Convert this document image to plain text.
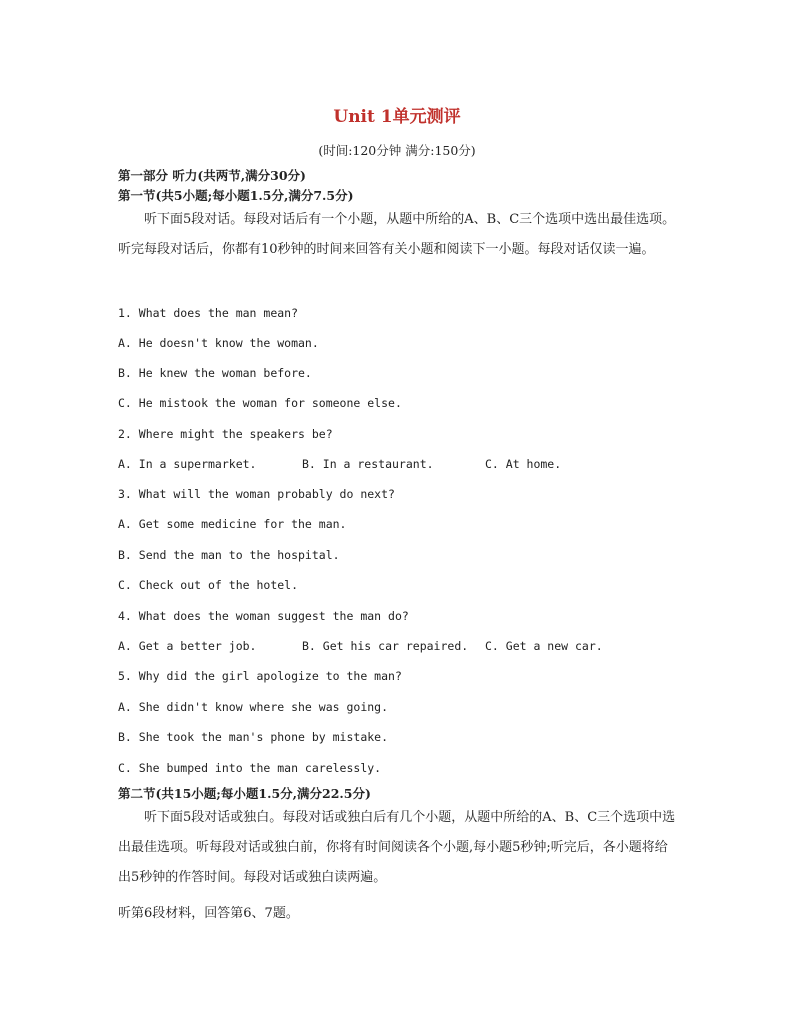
Unit 1单元测评
(时间:120分钟 满分:150分)
第一部分 听力(共两节,满分30分)
第一节(共5小题;每小题1.5分,满分7.5分)
听下面5段对话。每段对话后有一个小题，从题中所给的A、B、C三个选项中选出最佳选项。听完每段对话后，你都有10秒钟的时间来回答有关小题和阅读下一小题。每段对话仅读一遍。
1. What does the man mean?
A. He doesn't know the woman.
B. He knew the woman before.
C. He mistook the woman for someone else.
2. Where might the speakers be?
A. In a supermarket.	B. In a restaurant.	C. At home.
3. What will the woman probably do next?
A. Get some medicine for the man.
B. Send the man to the hospital.
C. Check out of the hotel.
4. What does the woman suggest the man do?
A. Get a better job.	B. Get his car repaired. C. Get a new car.
5. Why did the girl apologize to the man?
A. She didn't know where she was going.
B. She took the man's phone by mistake.
C. She bumped into the man carelessly.
第二节(共15小题;每小题1.5分,满分22.5分)
听下面5段对话或独白。每段对话或独白后有几个小题，从题中所给的A、B、C三个选项中选出最佳选项。听每段对话或独白前，你将有时间阅读各个小题,每小题5秒钟;听完后，各小题将给出5秒钟的作答时间。每段对话或独白读两遍。
听第6段材料，回答第6、7题。
